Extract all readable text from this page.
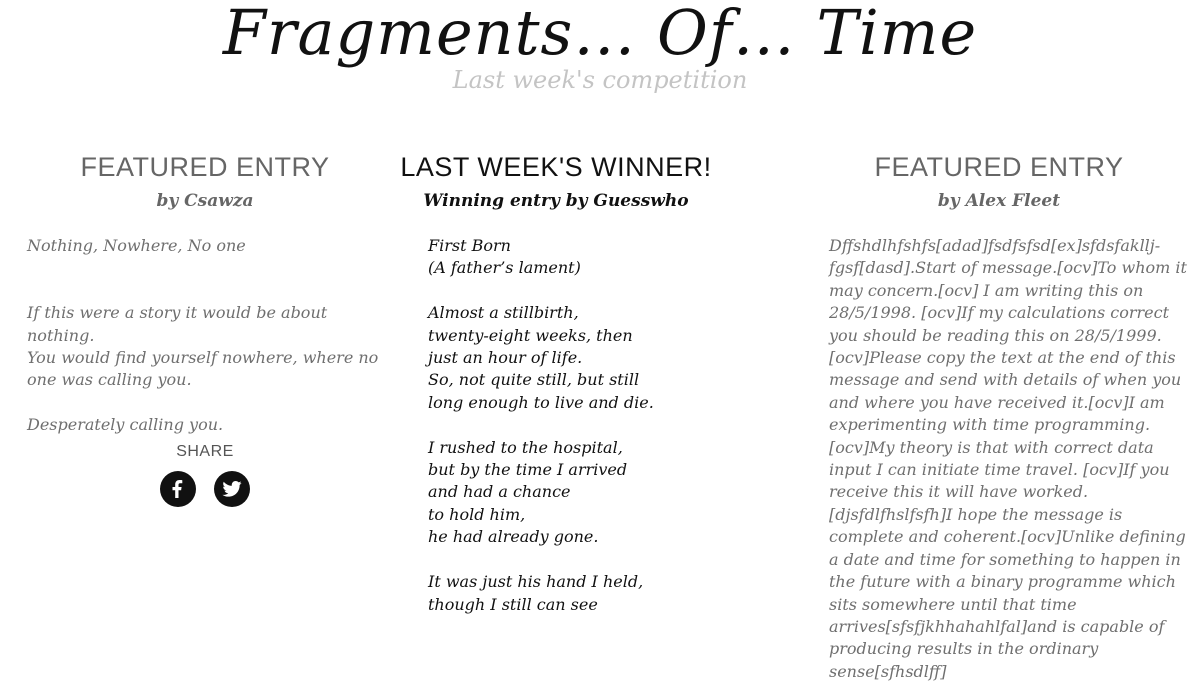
Fragments… Of… Time
Last week's competition
FEATURED ENTRY

by Csawza

Nothing, Nowhere, No one

If this were a story it would be about nothing.
You would find yourself nowhere, where no one was calling you.

Desperately calling you.
LAST WEEK'S WINNER!

Winning entry by Guesswho

First Born
(A father’s lament)

Almost a stillbirth,
twenty-eight weeks, then
just an hour of life.
So, not quite still, but still
long enough to live and die.

I rushed to the hospital,
but by the time I arrived
and had a chance
to hold him,
he had already gone.

It was just his hand I held,
though I still can see
FEATURED ENTRY

by Alex Fleet

Dffshdlhfshfs[adad]fsdfsfsd[ex]sfdsfakllj-fgsf[dasd].Start of message.[ocv]To whom it may concern.[ocv] I am writing this on 28/5/1998. [ocv]If my calculations correct you should be reading this on 28/5/1999.[ocv]Please copy the text at the end of this message and send with details of when you and where you have received it.[ocv]I am experimenting with time programming.[ocv]My theory is that with correct data input I can initiate time travel. [ocv]If you receive this it will have worked. [djsfdlfhslfsfh]I hope the message is complete and coherent.[ocv]Unlike defining a date and time for something to happen in the future with a binary programme which sits somewhere until that time arrives[sfsfjkhhahahlfal]and is capable of producing results in the ordinary sense[sfhsdlff]

SHARE
